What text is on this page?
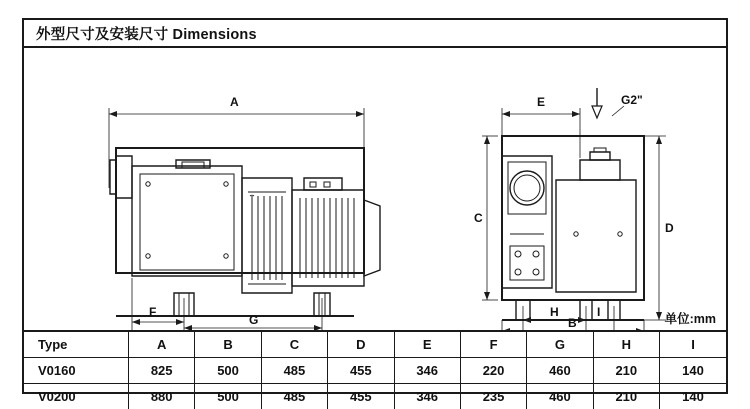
外型尺寸及安装尺寸 Dimensions
A
F
G
G2"
E
C
D
H	I
B	单位:mm
Type	A	B	C	D	E	F	G	H	I
V0160	825	500	485	455	346	220	460	210	140
V0200	880	500	485	455	346	235	460	210	140
